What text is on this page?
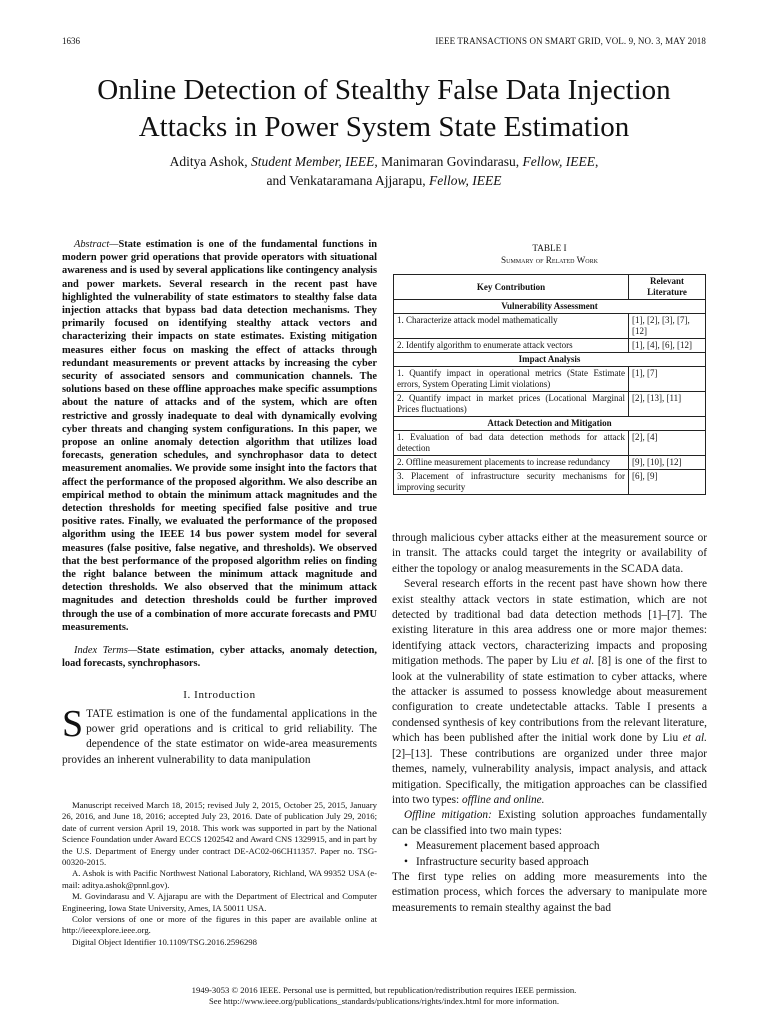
1636	IEEE TRANSACTIONS ON SMART GRID, VOL. 9, NO. 3, MAY 2018
Online Detection of Stealthy False Data Injection
Attacks in Power System State Estimation
Aditya Ashok, Student Member, IEEE, Manimaran Govindarasu, Fellow, IEEE,
and Venkataramana Ajjarapu, Fellow, IEEE

Abstract—State estimation is one of the fundamental functions in modern power grid operations that provide operators with situational awareness and is used by several applications like contingency analysis and power markets. Several research in the recent past have highlighted the vulnerability of state estimators to stealthy false data injection attacks that bypass bad data detection mechanisms. They primarily focused on identifying stealthy attack vectors and characterizing their impacts on state estimates. Existing mitigation measures either focus on masking the effect of attacks through redundant measurements or prevent attacks by increasing the cyber security of associated sensors and communication channels. The solutions based on these offline approaches make specific assumptions about the nature of attacks and of the system, which are often restrictive and grossly inadequate to deal with dynamically evolving cyber threats and changing system configurations. In this paper, we propose an online anomaly detection algorithm that utilizes load forecasts, generation schedules, and synchrophasor data to detect measurement anomalies. We provide some insight into the factors that affect the performance of the proposed algorithm. We also describe an empirical method to obtain the minimum attack magnitudes and the detection thresholds for meeting specified false positive and true positive rates. Finally, we evaluated the performance of the proposed algorithm using the IEEE 14 bus power system model for several measures (false positive, false negative, and thresholds). We observed that the best performance of the proposed algorithm relies on finding the right balance between the minimum attack magnitude and detection thresholds. We also observed that the minimum attack magnitudes and detection thresholds could be further improved through the use of a combination of more accurate forecasts and PMU measurements.

Index Terms—State estimation, cyber attacks, anomaly detection, load forecasts, synchrophasors.

I. Introduction

STATE estimation is one of the fundamental applications in the power grid operations and is critical to grid reliability. The dependence of the state estimator on wide-area measurements provides an inherent vulnerability to data manipulation

Manuscript received March 18, 2015; revised July 2, 2015, October 25, 2015, January 26, 2016, and June 18, 2016; accepted July 23, 2016. Date of publication July 29, 2016; date of current version April 19, 2018. This work was supported in part by the National Science Foundation under Award ECCS 1202542 and Award CNS 1329915, and in part by the U.S. Department of Energy under contract DE-AC02-06CH11357. Paper no. TSG-00320-2015.

A. Ashok is with Pacific Northwest National Laboratory, Richland, WA 99352 USA (e-mail: aditya.ashok@pnnl.gov).

M. Govindarasu and V. Ajjarapu are with the Department of Electrical and Computer Engineering, Iowa State University, Ames, IA 50011 USA.

Color versions of one or more of the figures in this paper are available online at http://ieeexplore.ieee.org.

Digital Object Identifier 10.1109/TSG.2016.2596298

TABLE I
Summary of Related Work
Key Contribution	Relevant Literature
Vulnerability Assessment	
1. Characterize attack model mathematically	[1], [2], [3], [7], [12]
2. Identify algorithm to enumerate attack vectors	[1], [4], [6], [12]
Impact Analysis	
1. Quantify impact in operational metrics (State Estimate errors, System Operating Limit violations)	[1], [7]
2. Quantify impact in market prices (Locational Marginal Prices fluctuations)	[2], [13], [11]
Attack Detection and Mitigation	
1. Evaluation of bad data detection methods for attack detection	[2], [4]
2. Offline measurement placements to increase redundancy	[9], [10], [12]
3. Placement of infrastructure security mechanisms for improving security	[6], [9]

through malicious cyber attacks either at the measurement source or in transit. The attacks could target the integrity or availability of either the topology or analog measurements in the SCADA data.

Several research efforts in the recent past have shown how there exist stealthy attack vectors in state estimation, which are not detected by traditional bad data detection methods [1]–[7]. The existing literature in this area address one or more major themes: identifying attack vectors, characterizing impacts and proposing mitigation methods. The paper by Liu et al. [8] is one of the first to look at the vulnerability of state estimation to cyber attacks, where the attacker is assumed to possess knowledge about measurement configuration to create undetectable attacks. Table I presents a condensed synthesis of key contributions from the relevant literature, which has been published after the initial work done by Liu et al. [2]–[13]. These contributions are organized under three major themes, namely, vulnerability analysis, impact analysis, and attack mitigation. Specifically, the mitigation approaches can be classified into two types: offline and online.

Offline mitigation: Existing solution approaches fundamentally can be classified into two main types:

• Measurement placement based approach
• Infrastructure security based approach

The first type relies on adding more measurements into the estimation process, which forces the adversary to manipulate more measurements to remain stealthy against the bad

1949-3053 © 2016 IEEE. Personal use is permitted, but republication/redistribution requires IEEE permission.
See http://www.ieee.org/publications_standards/publications/rights/index.html for more information.
